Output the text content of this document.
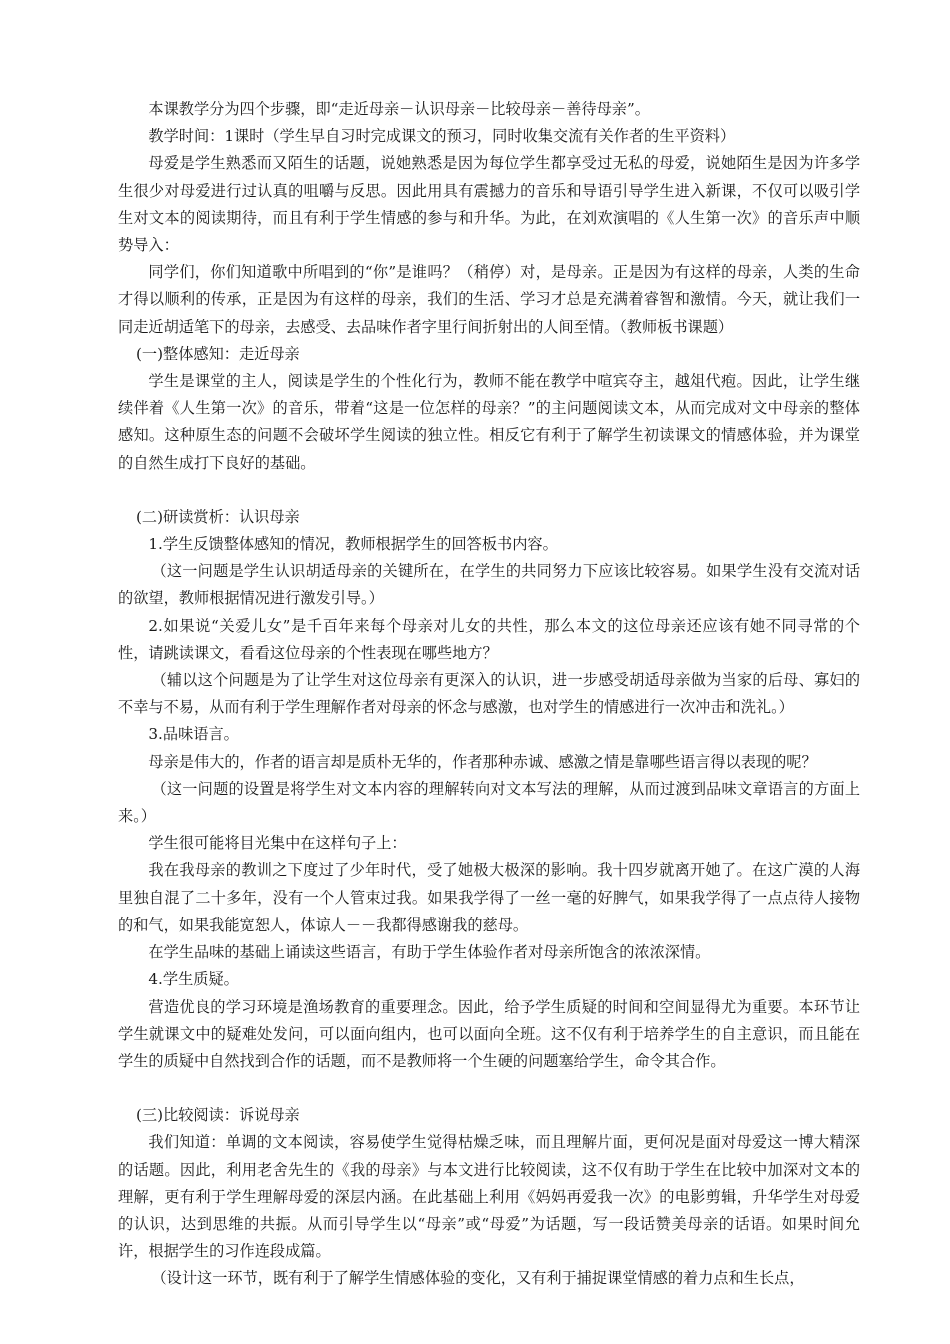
本课教学分为四个步骤，即“走近母亲－认识母亲－比较母亲－善待母亲”。

教学时间：1课时（学生早自习时完成课文的预习，同时收集交流有关作者的生平资料）

母爱是学生熟悉而又陌生的话题，说她熟悉是因为每位学生都享受过无私的母爱，说她陌生是因为许多学生很少对母爱进行过认真的咀嚼与反思。因此用具有震撼力的音乐和导语引导学生进入新课，不仅可以吸引学生对文本的阅读期待，而且有利于学生情感的参与和升华。为此，在刘欢演唱的《人生第一次》的音乐声中顺势导入：

同学们，你们知道歌中所唱到的“你”是谁吗？（稍停）对，是母亲。正是因为有这样的母亲，人类的生命才得以顺利的传承，正是因为有这样的母亲，我们的生活、学习才总是充满着睿智和激情。今天，就让我们一同走近胡适笔下的母亲，去感受、去品味作者字里行间折射出的人间至情。（教师板书课题）

(一)整体感知：走近母亲

学生是课堂的主人，阅读是学生的个性化行为，教师不能在教学中喧宾夺主，越俎代疱。因此，让学生继续伴着《人生第一次》的音乐，带着“这是一位怎样的母亲？”的主问题阅读文本，从而完成对文中母亲的整体感知。这种原生态的问题不会破坏学生阅读的独立性。相反它有利于了解学生初读课文的情感体验，并为课堂的自然生成打下良好的基础。

(二)研读赏析：认识母亲

1.学生反馈整体感知的情况，教师根据学生的回答板书内容。

（这一问题是学生认识胡适母亲的关键所在，在学生的共同努力下应该比较容易。如果学生没有交流对话的欲望，教师根据情况进行激发引导。）

2.如果说“关爱儿女”是千百年来每个母亲对儿女的共性，那么本文的这位母亲还应该有她不同寻常的个性，请跳读课文，看看这位母亲的个性表现在哪些地方？

（辅以这个问题是为了让学生对这位母亲有更深入的认识，进一步感受胡适母亲做为当家的后母、寡妇的不幸与不易，从而有利于学生理解作者对母亲的怀念与感激，也对学生的情感进行一次冲击和洗礼。）

3.品味语言。

母亲是伟大的，作者的语言却是质朴无华的，作者那种赤诚、感激之情是靠哪些语言得以表现的呢？

（这一问题的设置是将学生对文本内容的理解转向对文本写法的理解，从而过渡到品味文章语言的方面上来。）

学生很可能将目光集中在这样句子上：

我在我母亲的教训之下度过了少年时代，受了她极大极深的影响。我十四岁就离开她了。在这广漠的人海里独自混了二十多年，没有一个人管束过我。如果我学得了一丝一毫的好脾气，如果我学得了一点点待人接物的和气，如果我能宽恕人，体谅人－－我都得感谢我的慈母。

在学生品味的基础上诵读这些语言，有助于学生体验作者对母亲所饱含的浓浓深情。

4.学生质疑。

营造优良的学习环境是渔场教育的重要理念。因此，给予学生质疑的时间和空间显得尤为重要。本环节让学生就课文中的疑难处发问，可以面向组内，也可以面向全班。这不仅有利于培养学生的自主意识，而且能在学生的质疑中自然找到合作的话题，而不是教师将一个生硬的问题塞给学生，命令其合作。

(三)比较阅读：诉说母亲

我们知道：单调的文本阅读，容易使学生觉得枯燥乏味，而且理解片面，更何况是面对母爱这一博大精深的话题。因此，利用老舍先生的《我的母亲》与本文进行比较阅读，这不仅有助于学生在比较中加深对文本的理解，更有利于学生理解母爱的深层内涵。在此基础上利用《妈妈再爱我一次》的电影剪辑，升华学生对母爱的认识，达到思维的共振。从而引导学生以“母亲”或“母爱”为话题，写一段话赞美母亲的话语。如果时间允许，根据学生的习作连段成篇。

（设计这一环节，既有利于了解学生情感体验的变化，又有利于捕捉课堂情感的着力点和生长点，
